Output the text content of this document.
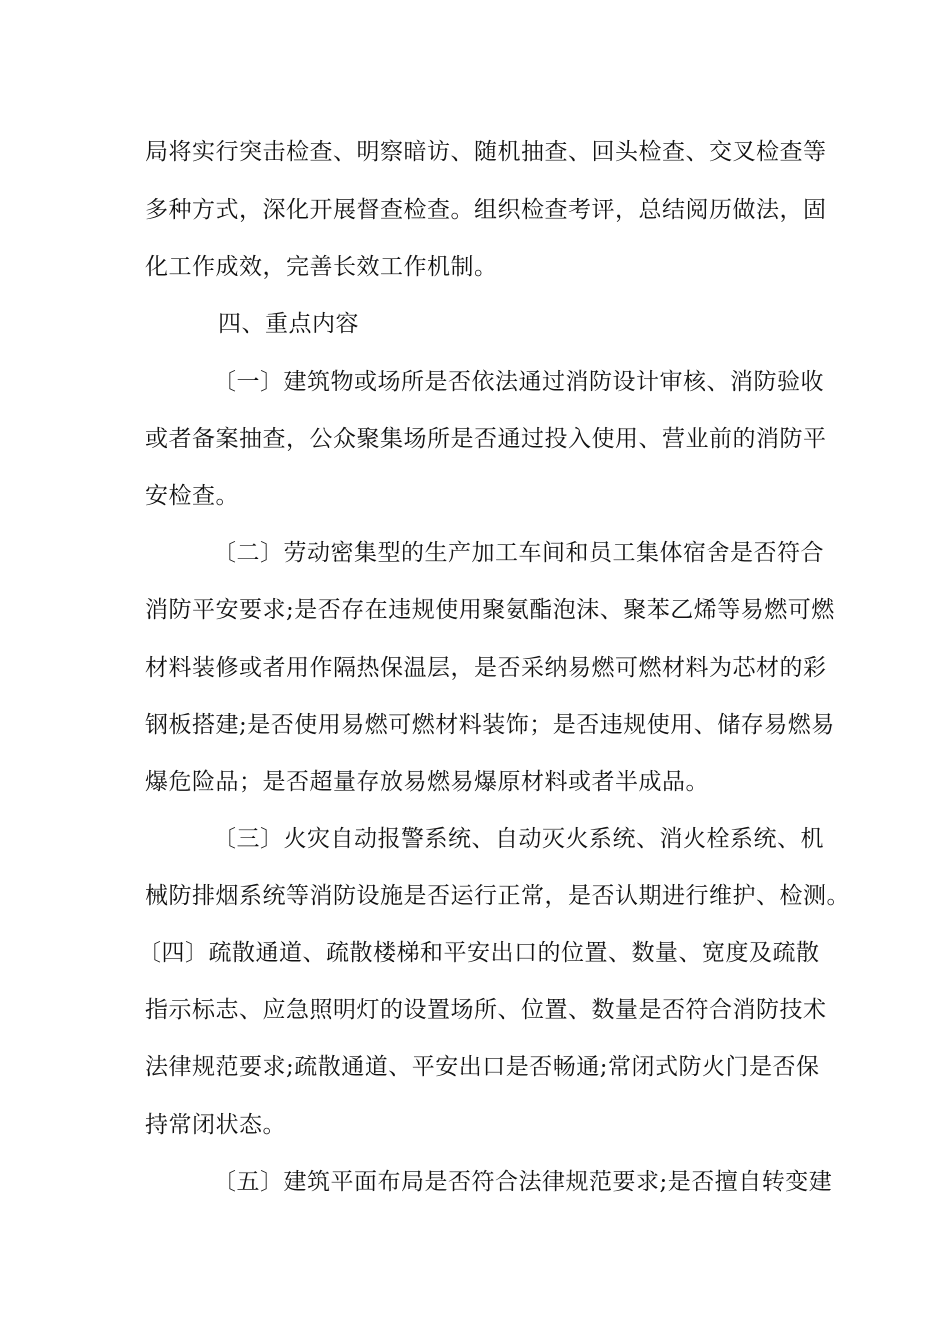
局将实行突击检查、明察暗访、随机抽查、回头检查、交叉检查等
多种方式，深化开展督查检查。组织检查考评，总结阅历做法，固
化工作成效，完善长效工作机制。
四、重点内容
〔一〕建筑物或场所是否依法通过消防设计审核、消防验收
或者备案抽查，公众聚集场所是否通过投入使用、营业前的消防平
安检查。
〔二〕劳动密集型的生产加工车间和员工集体宿舍是否符合
消防平安要求;是否存在违规使用聚氨酯泡沫、聚苯乙烯等易燃可燃
材料装修或者用作隔热保温层，是否采纳易燃可燃材料为芯材的彩
钢板搭建;是否使用易燃可燃材料装饰；是否违规使用、储存易燃易
爆危险品；是否超量存放易燃易爆原材料或者半成品。
〔三〕火灾自动报警系统、自动灭火系统、消火栓系统、机
械防排烟系统等消防设施是否运行正常，是否认期进行维护、检测。
〔四〕疏散通道、疏散楼梯和平安出口的位置、数量、宽度及疏散
指示标志、应急照明灯的设置场所、位置、数量是否符合消防技术
法律规范要求;疏散通道、平安出口是否畅通;常闭式防火门是否保
持常闭状态。
〔五〕建筑平面布局是否符合法律规范要求;是否擅自转变建
